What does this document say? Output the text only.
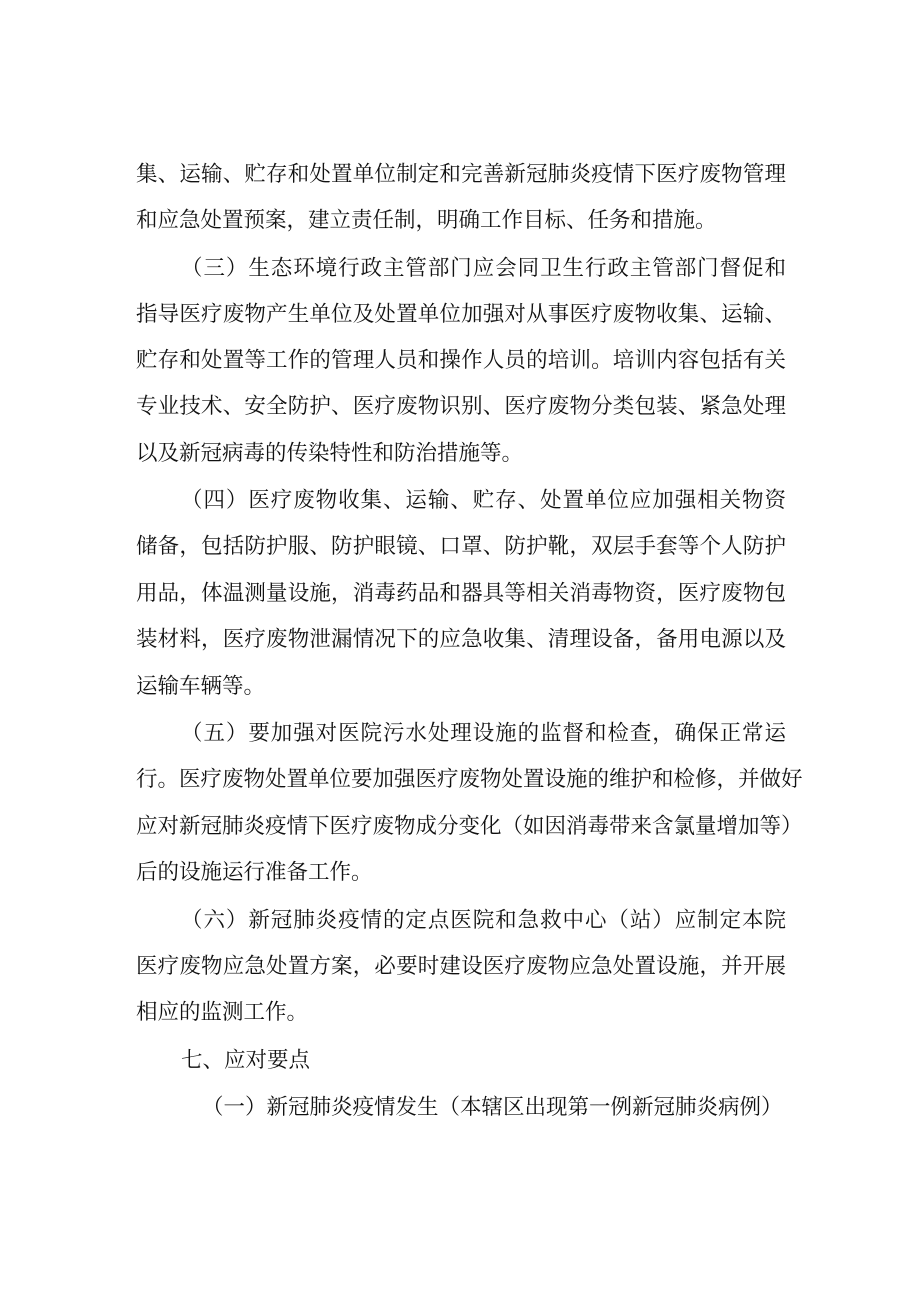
集、运输、贮存和处置单位制定和完善新冠肺炎疫情下医疗废物管理
和应急处置预案，建立责任制，明确工作目标、任务和措施。
（三）生态环境行政主管部门应会同卫生行政主管部门督促和
指导医疗废物产生单位及处置单位加强对从事医疗废物收集、运输、
贮存和处置等工作的管理人员和操作人员的培训。培训内容包括有关
专业技术、安全防护、医疗废物识别、医疗废物分类包装、紧急处理
以及新冠病毒的传染特性和防治措施等。
（四）医疗废物收集、运输、贮存、处置单位应加强相关物资
储备，包括防护服、防护眼镜、口罩、防护靴，双层手套等个人防护
用品，体温测量设施，消毒药品和器具等相关消毒物资，医疗废物包
装材料，医疗废物泄漏情况下的应急收集、清理设备，备用电源以及
运输车辆等。
（五）要加强对医院污水处理设施的监督和检查，确保正常运
行。医疗废物处置单位要加强医疗废物处置设施的维护和检修，并做好
应对新冠肺炎疫情下医疗废物成分变化（如因消毒带来含氯量增加等）
后的设施运行准备工作。
（六）新冠肺炎疫情的定点医院和急救中心（站）应制定本院
医疗废物应急处置方案，必要时建设医疗废物应急处置设施，并开展
相应的监测工作。
七、应对要点
（一）新冠肺炎疫情发生（本辖区出现第一例新冠肺炎病例）
